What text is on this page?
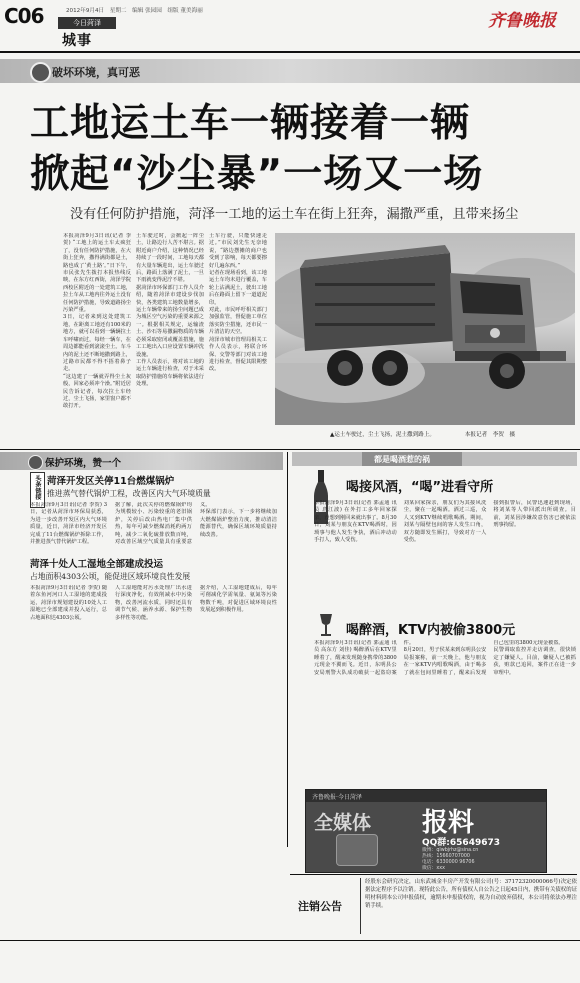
C06	2012年9月4日　星期二　编辑 张园园　组版 董美海丽
今日菏泽
城事
齐鲁晚报
破坏环境，真可恶
工地运土车一辆接着一辆
掀起“沙尘暴”一场又一场
没有任何防护措施，菏泽一工地的运土车在街上狂奔，漏撒严重，且带来扬尘
本报菏泽9月3日讯(记者 李贺) “工地上的运土车太疯狂了，没有任何防护措施，在大街上狂奔，撒得满街都是土，路也成了‘黄土路’。”日下午，市民张先生拨打本报热线反映，在东方红西街，菏泽学院西校区附近的一处建筑工地，拉土车从工地内往外运土没有任何防护措施，导致道路扬尘污染严重。
3日，记者来到这处建筑工地，在距离工地还有100米的地方，就可以看到一辆辆拉土车呼啸而过，每经一辆车，在周边都能看到滚滚尘土。车斗内的泥土还不断地撒到路上，过路市民都不得不捂着鼻子走。
“这边建了一辆就弄得尘土灰般，回家必须冲个澡。”附近居民告诉记者，每次拉土车经过，尘土飞扬，家里窗户都不敢打开。
土车驶过时，会掀起一阵尘土，让路边行人苦不堪言。据附近商户介绍，这种情况已经持续了一段时间，工地每天都有大量车辆进出，运土车驶过后，路面上落满了泥土，一旦下雨就变得泥泞不堪。
据菏泽市环保部门工作人员介绍，随着菏泽市建设步伐加快，各类建筑工地数量增多，运土车辆带来的扬尘问题已成为城区空气污染的重要来源之一。根据相关规定，运输渣土、沙石等易撒漏物质的车辆必须采取密闭或覆盖措施，施工工地出入口应设置车辆冲洗设施。
工作人员表示，将对该工地的运土车辆进行检查，对于未采取防护措施的车辆将依法进行处理。
土车行驶，只能快速走过。”市民刘先生无奈地说，“路边摆摊的商户也受到了影响，每天都要擦好几遍东西。”
记者在现场看到，该工地运土车均未进行覆盖，车轮上沾满泥土，驶出工地后在路面上留下一道道泥印。
对此，市民呼吁相关部门加强监管，督促施工单位落实防尘措施，还市民一片清洁的天空。
菏泽市城市管理局相关工作人员表示，将联合环保、交警等部门对该工地进行检查，督促其限期整改。
▲运土车驶过，尘土飞扬，泥土撒到路上。	本报记者　李贺　摄
保护环境，赞一个
头条链接 菏泽开发区关停11台燃煤锅炉
推进蒸气替代锅炉工程，改善区内大气环境质量
本报菏泽9月3日讯(记者 李贺) 3日，记者从菏泽市环保局获悉，为进一步改善开发区内大气环境质量，近日，菏泽市经济开发区完成了11台燃煤锅炉拆除工作，并推进蒸气替代锅炉工程。
据了解，此次关停的燃煤锅炉均为规模较小、污染较重的老旧锅炉，关停后改由热电厂集中供热，每年可减少燃煤消耗约两万吨，减少二氧化硫排放数百吨，对改善区域空气质量具有重要意义。
环保部门表示，下一步将继续加大燃煤锅炉整治力度，推动清洁能源替代，确保区域环境质量持续改善。
菏泽十处人工湿地全部建成投运
占地面积4303公顷，能促进区域环境良性发展
本报菏泽9月3日讯(记者 李贺) 随着东鱼河河口人工湿地的建成投运，菏泽市规划建设的10处人工湿地已全部建成并投入运行，总占地面积达4303公顷。
人工湿地能对污水处理厂出水进行深度净化，有效削减水中污染物，改善河流水质，同时还具有调节气候、涵养水源、保护生物多样性等功能。
据介绍，人工湿地建成后，每年可削减化学需氧量、氨氮等污染物数千吨，对促进区域环境良性发展起到积极作用。
都是喝酒惹的祸
喝接风酒，“喝”进看守所
本报菏泽9月3日讯(记者 郭孟通 讯员 唐江波) 在外打工多年回家探亲，没想到刚回来就出事了。8月30日，刘某与朋友在KTV喝酒时，因琐事与他人发生争执，酒后冲动动手打人，致人受伤。
刘某回家探亲，朋友们为其接风洗尘，聚在一起喝酒。酒过三巡，众人又到KTV继续唱歌喝酒。期间，刘某与隔壁包间的客人发生口角，双方随即发生厮打，导致对方一人受伤。
接到报警后，民警迅速赶到现场，将刘某等人带回派出所调查。目前，刘某因涉嫌故意伤害已被依法刑事拘留。
喝醉酒，KTV内被偷3800元
本报菏泽9月3日讯(记者 郭孟通 讯员 高东方 刘佳) 喝醉酒后在KTV里睡着了，醒来发现随身携带的3800元现金不翼而飞。近日，东明县公安局刑警大队成功破获一起盗窃案件。
8月20日，男子侯某来到东明县公安局报案称，前一天晚上，他与朋友在一家KTV内唱歌喝酒，由于喝多了就在包间里睡着了，醒来后发现自己包里的3800元现金被盗。
民警调取监控并走访调查，很快锁定了嫌疑人。目前，嫌疑人已被抓获，赃款已追回，案件正在进一步审理中。
齐鲁晚报·今日菏泽
全媒体 报料
QQ群:65649673
微博：qlwbjrhz@sina.cn
热线：15660707000
电话：6330000 96706
微信：xxx
注销公告
经股东会研究决定，山东武城金丰房产开发有限公司(号：37172320000066号)决定依据法定程序予以注销。现特此公告，所有债权人自公告之日起45日内，携带有关债权的证明材料到本公司申报债权，逾期未申报债权的，视为自动放弃债权，本公司将依法办理注销手续。
